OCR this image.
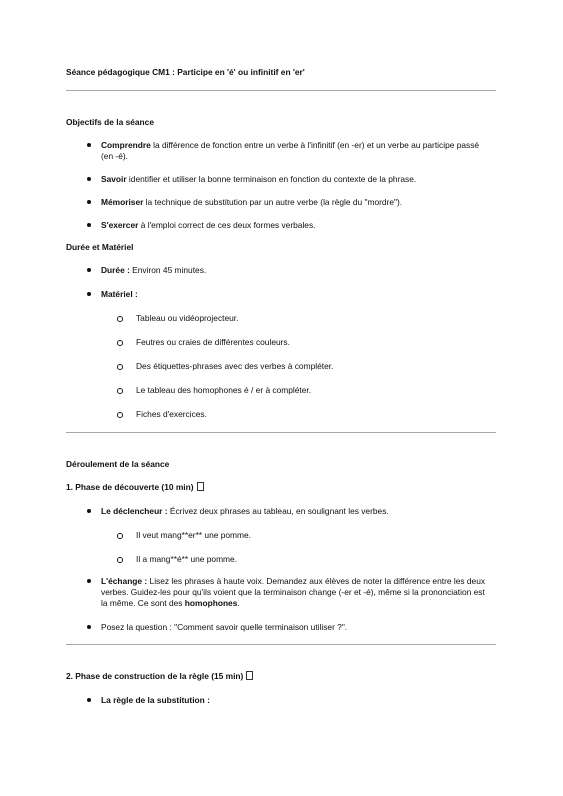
Séance pédagogique CM1 : Participe en 'é' ou infinitif en 'er'
Objectifs de la séance
Comprendre la différence de fonction entre un verbe à l'infinitif (en -er) et un verbe au participe passé
(en -é).
Savoir identifier et utiliser la bonne terminaison en fonction du contexte de la phrase.
Mémoriser la technique de substitution par un autre verbe (la règle du "mordre").
S'exercer à l'emploi correct de ces deux formes verbales.
Durée et Matériel
Durée : Environ 45 minutes.
Matériel :
Tableau ou vidéoprojecteur.
Feutres ou craies de différentes couleurs.
Des étiquettes-phrases avec des verbes à compléter.
Le tableau des homophones é / er à compléter.
Fiches d'exercices.
Déroulement de la séance
1. Phase de découverte (10 min)
Le déclencheur : Écrivez deux phrases au tableau, en soulignant les verbes.
Il veut mang**er** une pomme.
Il a mang**é** une pomme.
L'échange : Lisez les phrases à haute voix. Demandez aux élèves de noter la différence entre les deux
verbes. Guidez-les pour qu'ils voient que la terminaison change (-er et -é), même si la prononciation est
la même. Ce sont des homophones.
Posez la question : "Comment savoir quelle terminaison utiliser ?".
2. Phase de construction de la règle (15 min)
La règle de la substitution :
